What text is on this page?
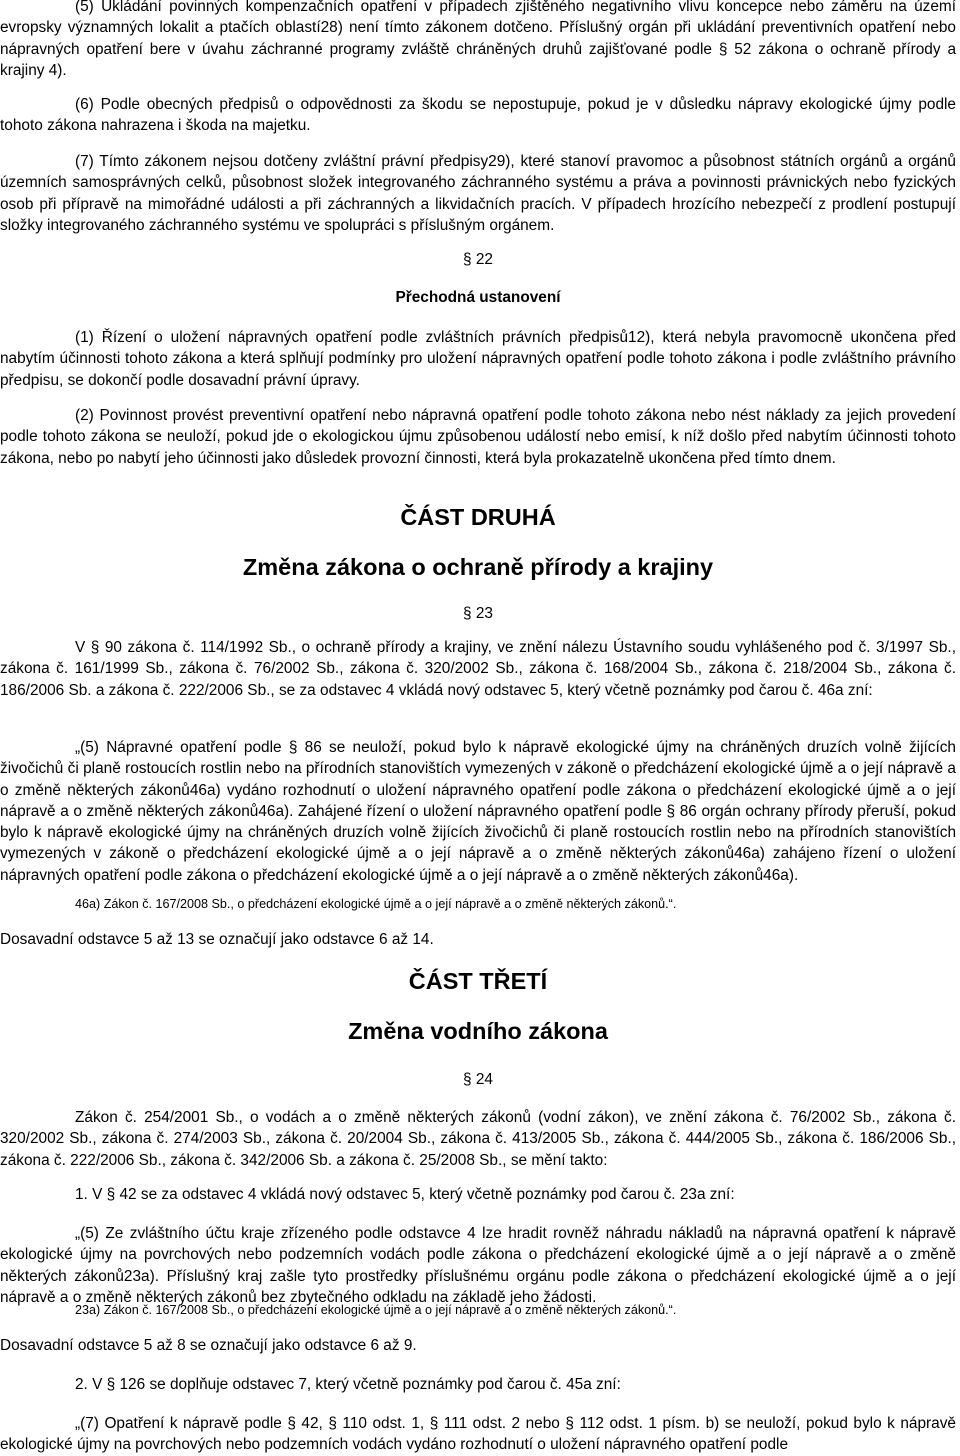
(5) Ukládání povinných kompenzačních opatření v případech zjištěného negativního vlivu koncepce nebo záměru na území evropsky významných lokalit a ptačích oblastí28) není tímto zákonem dotčeno. Příslušný orgán při ukládání preventivních opatření nebo nápravných opatření bere v úvahu záchranné programy zvláště chráněných druhů zajišťované podle § 52 zákona o ochraně přírody a krajiny 4).

(6) Podle obecných předpisů o odpovědnosti za škodu se nepostupuje, pokud je v důsledku nápravy ekologické újmy podle tohoto zákona nahrazena i škoda na majetku.

(7) Tímto zákonem nejsou dotčeny zvláštní právní předpisy29), které stanoví pravomoc a působnost státních orgánů a orgánů územních samosprávných celků, působnost složek integrovaného záchranného systému a práva a povinnosti právnických nebo fyzických osob při přípravě na mimořádné události a při záchranných a likvidačních pracích. V případech hrozícího nebezpečí z prodlení postupují složky integrovaného záchranného systému ve spolupráci s příslušným orgánem.

§ 22
Přechodná ustanovení

(1) Řízení o uložení nápravných opatření podle zvláštních právních předpisů12), která nebyla pravomocně ukončena před nabytím účinnosti tohoto zákona a která splňují podmínky pro uložení nápravných opatření podle tohoto zákona i podle zvláštního právního předpisu, se dokončí podle dosavadní právní úpravy.

(2) Povinnost provést preventivní opatření nebo nápravná opatření podle tohoto zákona nebo nést náklady za jejich provedení podle tohoto zákona se neuloží, pokud jde o ekologickou újmu způsobenou událostí nebo emisí, k níž došlo před nabytím účinnosti tohoto zákona, nebo po nabytí jeho účinnosti jako důsledek provozní činnosti, která byla prokazatelně ukončena před tímto dnem.

ČÁST DRUHÁ
Změna zákona o ochraně přírody a krajiny
§ 23

V § 90 zákona č. 114/1992 Sb., o ochraně přírody a krajiny, ve znění nálezu Ústavního soudu vyhlášeného pod č. 3/1997 Sb., zákona č. 161/1999 Sb., zákona č. 76/2002 Sb., zákona č. 320/2002 Sb., zákona č. 168/2004 Sb., zákona č. 218/2004 Sb., zákona č. 186/2006 Sb. a zákona č. 222/2006 Sb., se za odstavec 4 vkládá nový odstavec 5, který včetně poznámky pod čarou č. 46a zní:

„(5) Nápravné opatření podle § 86 se neuloží, pokud bylo k nápravě ekologické újmy na chráněných druzích volně žijících živočichů či planě rostoucích rostlin nebo na přírodních stanovištích vymezených v zákoně o předcházení ekologické újmě a o její nápravě a o změně některých zákonů46a) vydáno rozhodnutí o uložení nápravného opatření podle zákona o předcházení ekologické újmě a o její nápravě a o změně některých zákonů46a). Zahájené řízení o uložení nápravného opatření podle § 86 orgán ochrany přírody přeruší, pokud bylo k nápravě ekologické újmy na chráněných druzích volně žijících živočichů či planě rostoucích rostlin nebo na přírodních stanovištích vymezených v zákoně o předcházení ekologické újmě a o její nápravě a o změně některých zákonů46a) zahájeno řízení o uložení nápravných opatření podle zákona o předcházení ekologické újmě a o její nápravě a o změně některých zákonů46a).

46a) Zákon č. 167/2008 Sb., o předcházení ekologické újmě a o její nápravě a o změně některých zákonů.“.

Dosavadní odstavce 5 až 13 se označují jako odstavce 6 až 14.

ČÁST TŘETÍ
Změna vodního zákona
§ 24

Zákon č. 254/2001 Sb., o vodách a o změně některých zákonů (vodní zákon), ve znění zákona č. 76/2002 Sb., zákona č. 320/2002 Sb., zákona č. 274/2003 Sb., zákona č. 20/2004 Sb., zákona č. 413/2005 Sb., zákona č. 444/2005 Sb., zákona č. 186/2006 Sb., zákona č. 222/2006 Sb., zákona č. 342/2006 Sb. a zákona č. 25/2008 Sb., se mění takto:

1. V § 42 se za odstavec 4 vkládá nový odstavec 5, který včetně poznámky pod čarou č. 23a zní:

„(5) Ze zvláštního účtu kraje zřízeného podle odstavce 4 lze hradit rovněž náhradu nákladů na nápravná opatření k nápravě ekologické újmy na povrchových nebo podzemních vodách podle zákona o předcházení ekologické újmě a o její nápravě a o změně některých zákonů23a). Příslušný kraj zašle tyto prostředky příslušnému orgánu podle zákona o předcházení ekologické újmě a o její nápravě a o změně některých zákonů bez zbytečného odkladu na základě jeho žádosti.

23a) Zákon č. 167/2008 Sb., o předcházení ekologické újmě a o její nápravě a o změně některých zákonů.“.

Dosavadní odstavce 5 až 8 se označují jako odstavce 6 až 9.

2. V § 126 se doplňuje odstavec 7, který včetně poznámky pod čarou č. 45a zní:

„(7) Opatření k nápravě podle § 42, § 110 odst. 1, § 111 odst. 2 nebo § 112 odst. 1 písm. b) se neuloží, pokud bylo k nápravě ekologické újmy na povrchových nebo podzemních vodách vydáno rozhodnutí o uložení nápravného opatření podle
